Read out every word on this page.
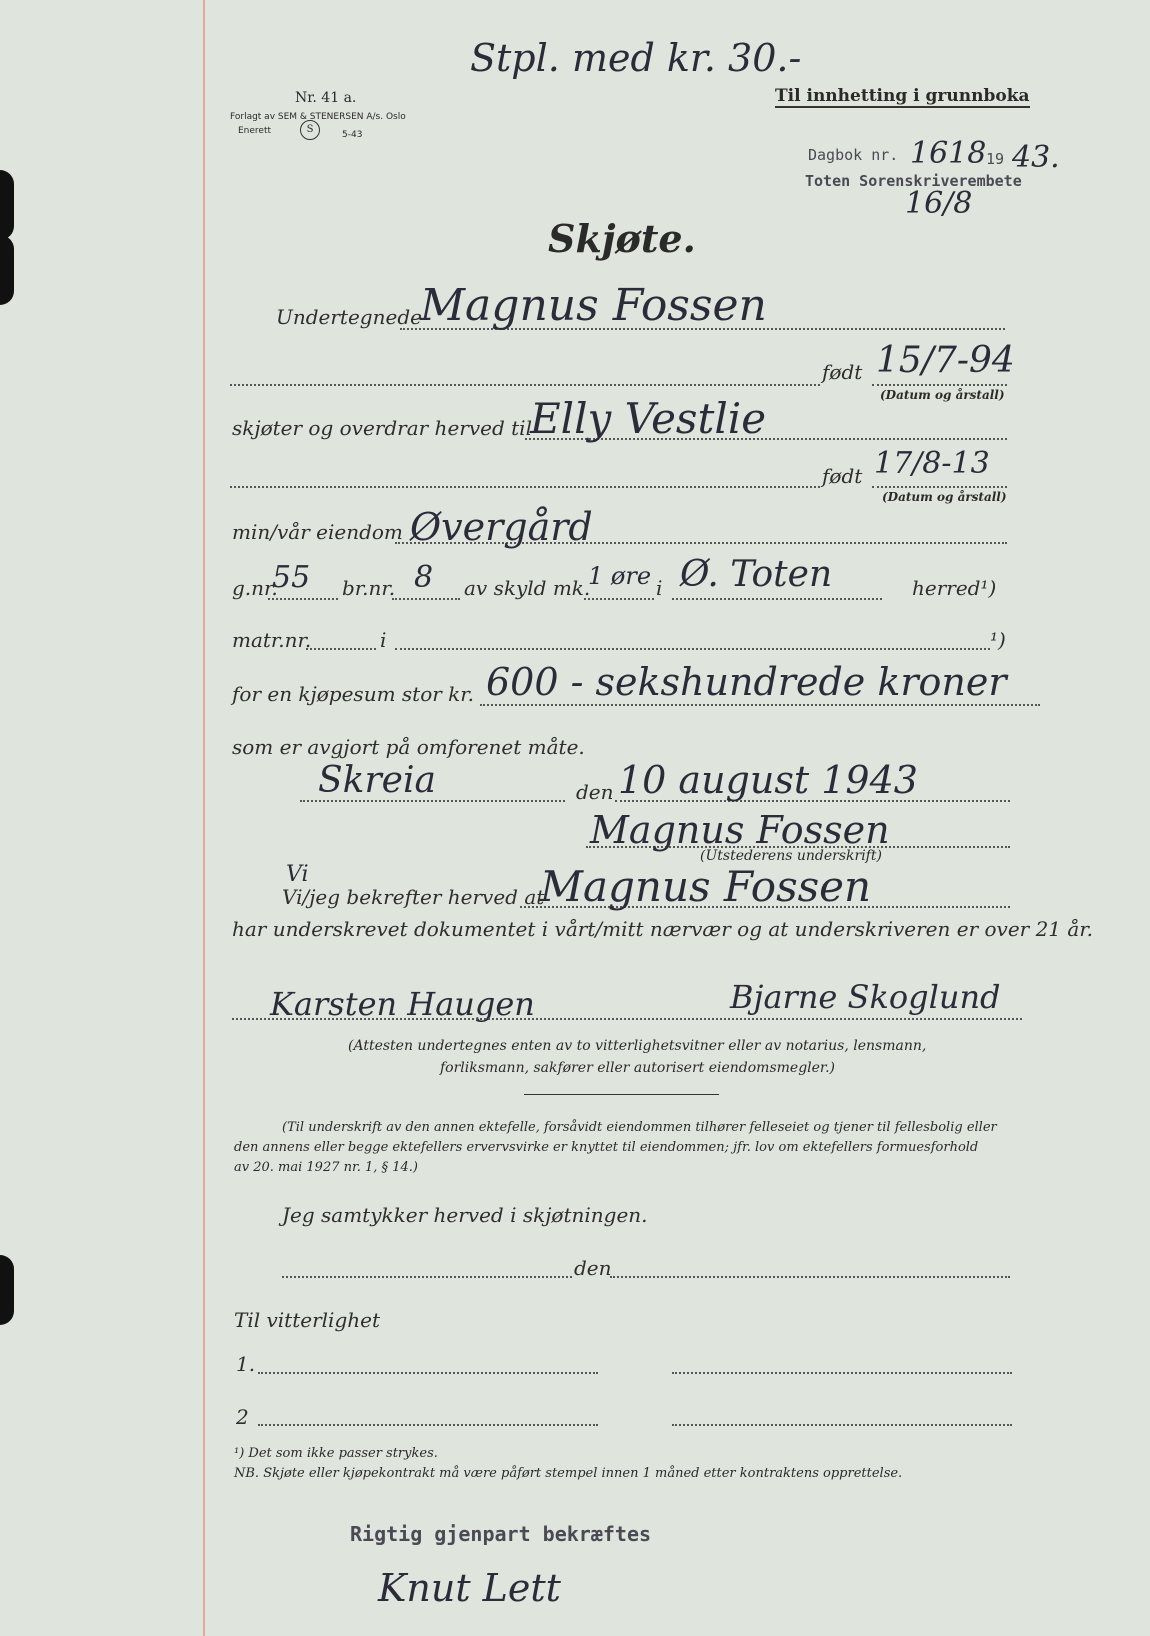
Stpl. med kr. 30.-
Til innhetting i grunnboka
Nr. 41 a.
Forlagt av SEM & STENERSEN A/s. Oslo
Enerett	S	5-43
Dagbok nr. 1618 19 43.
Toten Sorenskriverembete
16/8
Skjøte.
Undertegnede
Magnus Fossen
født 15/7-94
(Datum og årstall)
skjøter og overdrar herved til
Elly Vestlie
født 17/8-13
(Datum og årstall)
min/vår eiendom Øvergård
g.nr.
55 br.nr. 8 av skyld mk.
1 øre i Ø. Toten	herred¹)
matr.nr.	i	¹)
for en kjøpesum stor kr. 600 - sekshundrede kroner
som er avgjort på omforenet måte.
Skreia	den 10 august 1943
Magnus Fossen
(Utstederens underskrift)
Vi
Vi/jeg bekrefter herved at
Magnus Fossen
har underskrevet dokumentet i vårt/mitt nærvær og at underskriveren er over 21 år.
Karsten Haugen	Bjarne Skoglund
(Attesten undertegnes enten av to vitterlighetsvitner eller av notarius, lensmann,
forliksmann, sakfører eller autorisert eiendomsmegler.)
(Til underskrift av den annen ektefelle, forsåvidt eiendommen tilhører felleseiet og tjener til fellesbolig eller
den annens eller begge ektefellers ervervsvirke er knyttet til eiendommen; jfr. lov om ektefellers formuesforhold
av 20. mai 1927 nr. 1, § 14.)
Jeg samtykker herved i skjøtningen.
den
Til vitterlighet
1.
2
¹) Det som ikke passer strykes.
NB. Skjøte eller kjøpekontrakt må være påført stempel innen 1 måned etter kontraktens opprettelse.
Rigtig gjenpart bekræftes
Knut Lett
